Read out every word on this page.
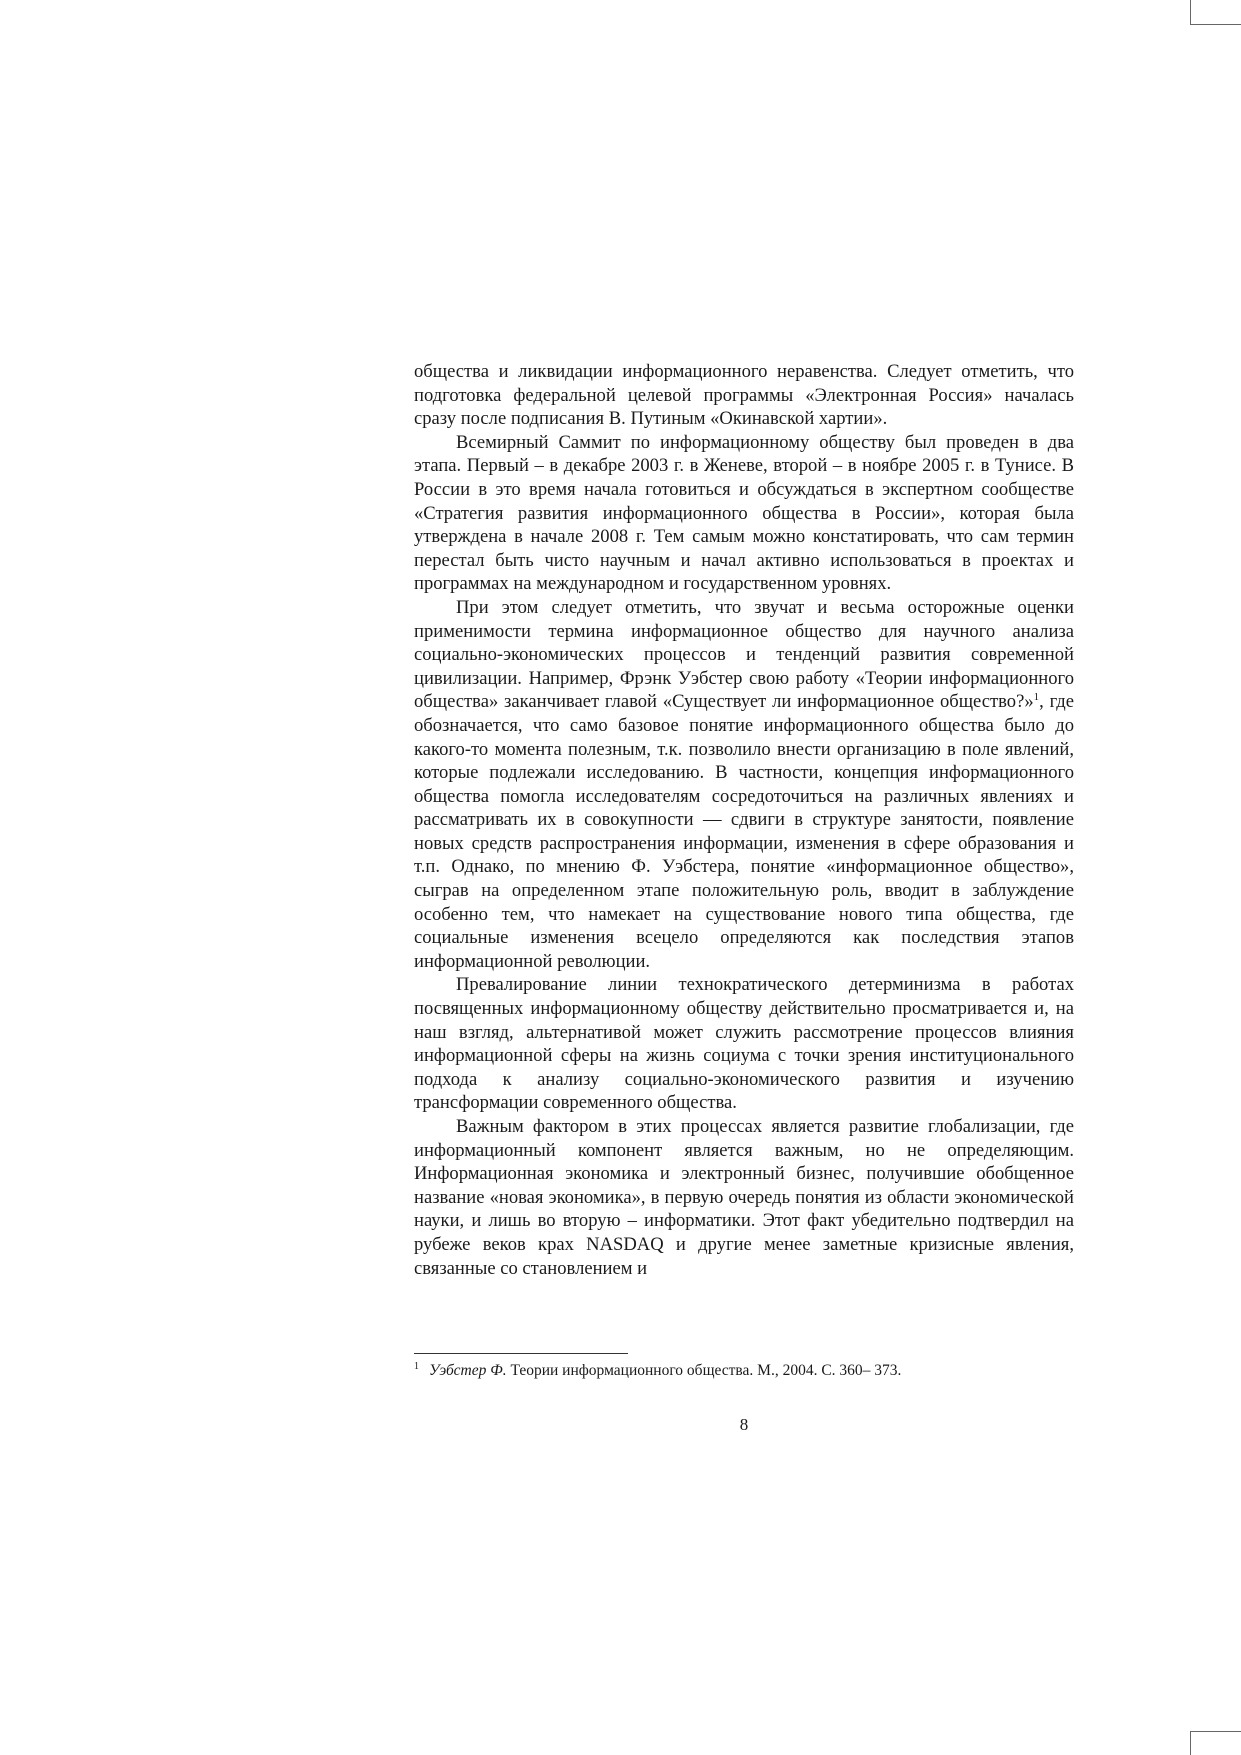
общества и ликвидации информационного неравенства. Следует отметить, что подготовка федеральной целевой программы «Электронная Россия» началась сразу после подписания В. Путиным «Окинавской хартии».

Всемирный Саммит по информационному обществу был проведен в два этапа. Первый – в декабре 2003 г. в Женеве, второй – в ноябре 2005 г. в Тунисе. В России в это время начала готовиться и обсуждаться в экспертном сообществе «Стратегия развития информационного общества в России», которая была утверждена в начале 2008 г. Тем самым можно констатировать, что сам термин перестал быть чисто научным и начал активно использоваться в проектах и программах на международном и государственном уровнях.

При этом следует отметить, что звучат и весьма осторожные оценки применимости термина информационное общество для научного анализа социально-экономических процессов и тенденций развития современной цивилизации. Например, Фрэнк Уэбстер свою работу «Теории информационного общества» заканчивает главой «Существует ли информационное общество?»$^1$, где обозначается, что само базовое понятие информационного общества было до какого-то момента полезным, т.к. позволило внести организацию в поле явлений, которые подлежали исследованию. В частности, концепция информационного общества помогла исследователям сосредоточиться на различных явлениях и рассматривать их в совокупности — сдвиги в структуре занятости, появление новых средств распространения информации, изменения в сфере образования и т.п. Однако, по мнению Ф. Уэбстера, понятие «информационное общество», сыграв на определенном этапе положительную роль, вводит в заблуждение особенно тем, что намекает на существование нового типа общества, где социальные изменения всецело определяются как последствия этапов информационной революции.

Превалирование линии технократического детерминизма в работах посвященных информационному обществу действительно просматривается и, на наш взгляд, альтернативой может служить рассмотрение процессов влияния информационной сферы на жизнь социума с точки зрения институционального подхода к анализу социально-экономического развития и изучению трансформации современного общества.

Важным фактором в этих процессах является развитие глобализации, где информационный компонент является важным, но не определяющим. Информационная экономика и электронный бизнес, получившие обобщенное название «новая экономика», в первую очередь понятия из области экономической науки, и лишь во вторую – информатики. Этот факт убедительно подтвердил на рубеже веков крах NASDAQ и другие менее заметные кризисные явления, связанные со становлением и

$^1$ Уэбстер Ф. Теории информационного общества. М., 2004. С. 360– 373.
8
